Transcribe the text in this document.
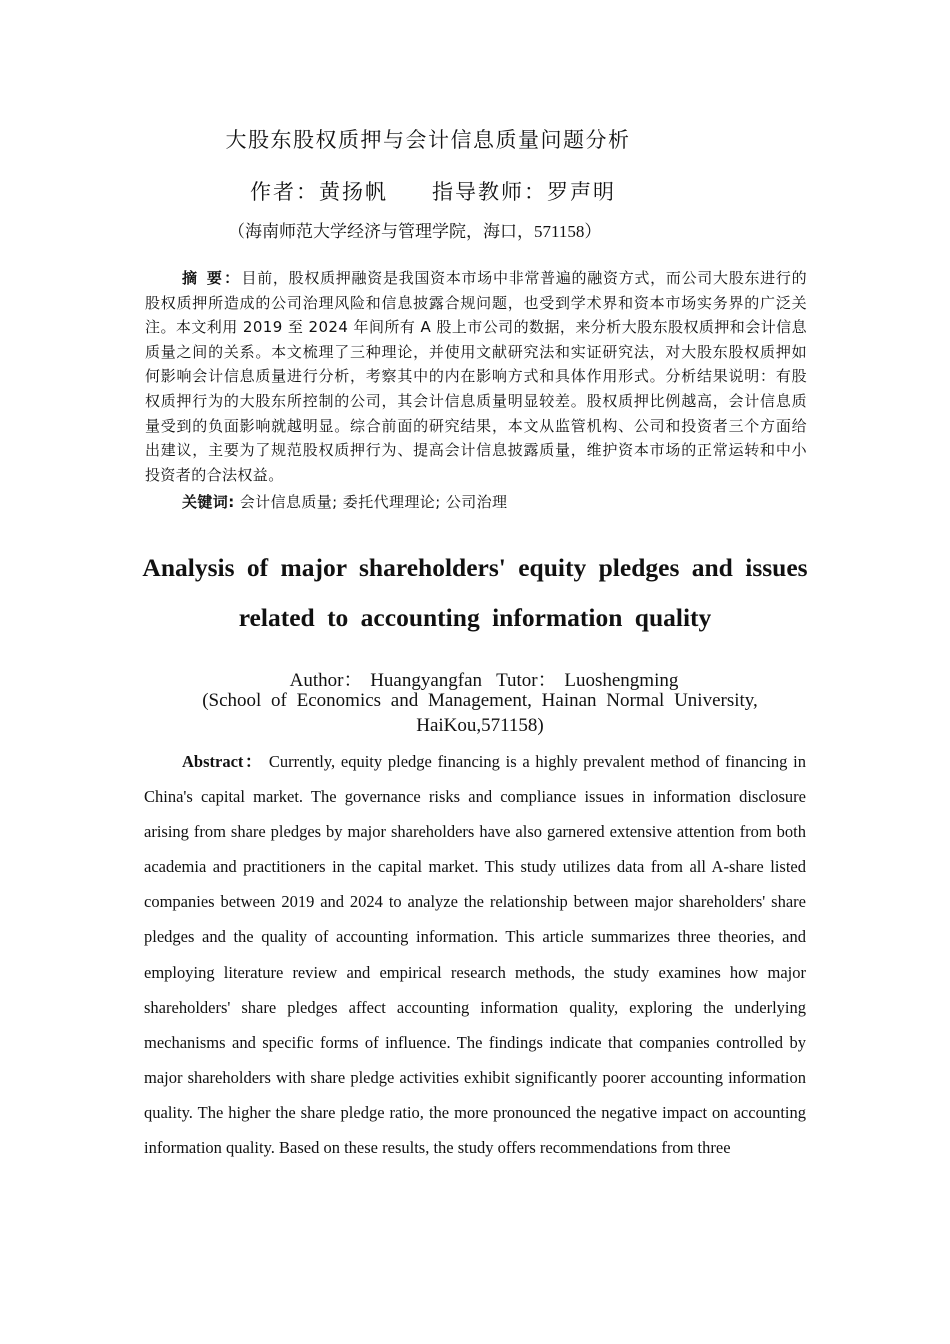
大股东股权质押与会计信息质量问题分析
作者：黄扬帆 指导教师：罗声明
（海南师范大学经济与管理学院，海口，571158）

摘 要：目前，股权质押融资是我国资本市场中非常普遍的融资方式，而公司大股东进行的股权质押所造成的公司治理风险和信息披露合规问题，也受到学术界和资本市场实务界的广泛关注。本文利用 2019 至 2024 年间所有 A 股上市公司的数据，来分析大股东股权质押和会计信息质量之间的关系。本文梳理了三种理论，并使用文献研究法和实证研究法，对大股东股权质押如何影响会计信息质量进行分析，考察其中的内在影响方式和具体作用形式。分析结果说明：有股权质押行为的大股东所控制的公司，其会计信息质量明显较差。股权质押比例越高，会计信息质量受到的负面影响就越明显。综合前面的研究结果，本文从监管机构、公司和投资者三个方面给出建议，主要为了规范股权质押行为、提高会计信息披露质量，维护资本市场的正常运转和中小投资者的合法权益。

关键词: 会计信息质量; 委托代理理论; 公司治理
Analysis of major shareholders' equity pledges and issues related to accounting information quality
Author： Huangyangfan Tutor： Luoshengming
(School of Economics and Management, Hainan Normal University, HaiKou,571158)

Abstract： Currently, equity pledge financing is a highly prevalent method of financing in China's capital market. The governance risks and compliance issues in information disclosure arising from share pledges by major shareholders have also garnered extensive attention from both academia and practitioners in the capital market. This study utilizes data from all A-share listed companies between 2019 and 2024 to analyze the relationship between major shareholders' share pledges and the quality of accounting information. This article summarizes three theories, and employing literature review and empirical research methods, the study examines how major shareholders' share pledges affect accounting information quality, exploring the underlying mechanisms and specific forms of influence. The findings indicate that companies controlled by major shareholders with share pledge activities exhibit significantly poorer accounting information quality. The higher the share pledge ratio, the more pronounced the negative impact on accounting information quality. Based on these results, the study offers recommendations from three
